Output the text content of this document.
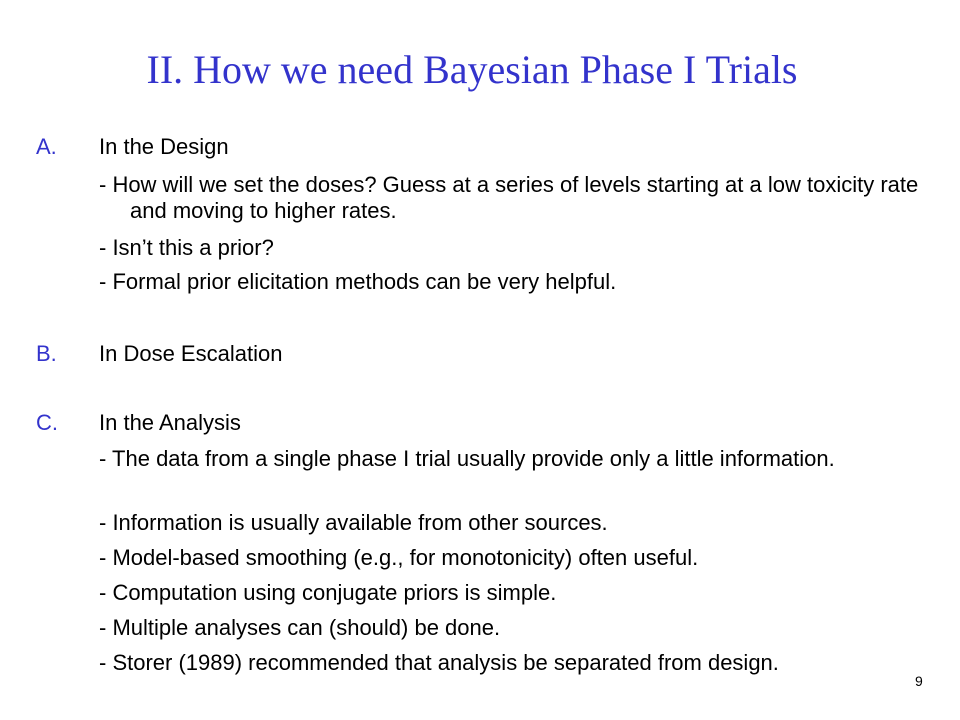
II. How we need Bayesian Phase I Trials
A. In the Design
- How will we set the doses? Guess at a series of levels starting at a low toxicity rate and moving to higher rates.
- Isn’t this a prior?
- Formal prior elicitation methods can be very helpful.
B. In Dose Escalation
C. In the Analysis
- The data from a single phase I trial usually provide only a little information.
- Information is usually available from other sources.
- Model-based smoothing (e.g., for monotonicity) often useful.
- Computation using conjugate priors is simple.
- Multiple analyses can (should) be done.
- Storer (1989) recommended that analysis be separated from design.
9
